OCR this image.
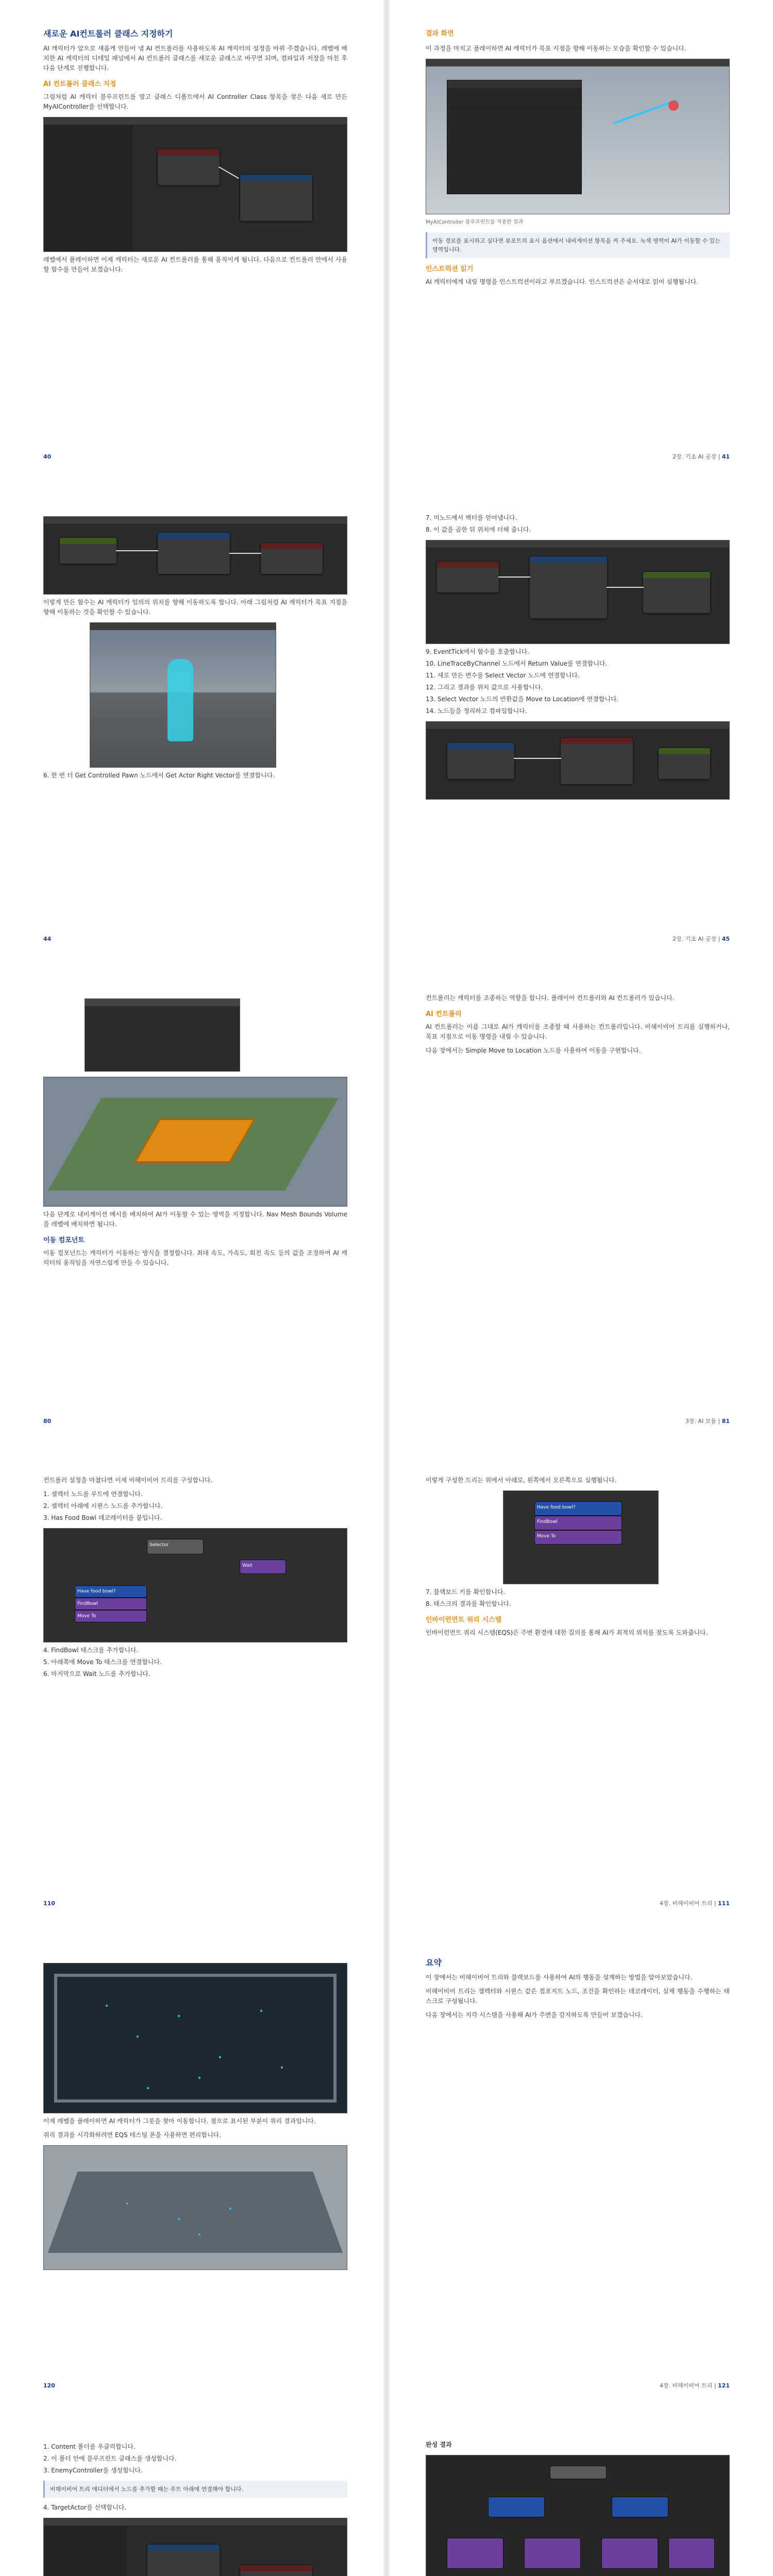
새로운 AI컨트롤러 클래스 지정하기

AI 캐릭터가 앞으로 새롭게 만들어 낼 AI 컨트롤러를 사용하도록 AI 캐릭터의 설정을 바꿔 주겠습니다. 레벨에 배치한 AI 캐릭터의 디테일 패널에서 AI 컨트롤러 클래스를 새로운 클래스로 바꾸면 되며, 컴파일과 저장을 마친 후 다음 단계로 진행합니다.

AI 컨트롤러 클래스 지정

그림처럼 AI 캐릭터 블루프린트를 열고 클래스 디폴트에서 AI Controller Class 항목을 찾은 다음 새로 만든 MyAIController를 선택합니다.

레벨에서 플레이하면 이제 캐릭터는 새로운 AI 컨트롤러를 통해 움직이게 됩니다. 다음으로 컨트롤러 안에서 사용할 함수를 만들어 보겠습니다.

40
결과 화면

이 과정을 마치고 플레이하면 AI 캐릭터가 목표 지점을 향해 이동하는 모습을 확인할 수 있습니다.

MyAIController 블루프린트를 적용한 결과
이동 경로를 표시하고 싶다면 뷰포트의 표시 옵션에서 내비게이션 항목을 켜 주세요. 녹색 영역이 AI가 이동할 수 있는 영역입니다.
인스트럭션 읽기

AI 캐릭터에게 내릴 명령을 인스트럭션이라고 부르겠습니다. 인스트럭션은 순서대로 읽어 실행됩니다.

2장. 기초 AI 공장 | 41

이렇게 만든 함수는 AI 캐릭터가 임의의 위치를 향해 이동하도록 합니다. 아래 그림처럼 AI 캐릭터가 목표 지점을 향해 이동하는 것을 확인할 수 있습니다.

6. 한 번 더 Get Controlled Pawn 노드에서 Get Actor Right Vector를 연결합니다.

44
7. 미노드에서 벡터를 얻어냅니다.
8. 이 값을 곱한 뒤 위치에 더해 줍니다.
9. EventTick에서 함수를 호출합니다.
10. LineTraceByChannel 노드에서 Return Value를 연결합니다.
11. 새로 만든 변수를 Select Vector 노드에 연결합니다.
12. 그리고 결과를 위치 값으로 사용합니다.
13. Select Vector 노드의 반환값을 Move to Location에 연결합니다.
14. 노드들을 정리하고 컴파일합니다.
2장. 기초 AI 공장 | 45

다음 단계로 내비게이션 메시를 배치하여 AI가 이동할 수 있는 영역을 지정합니다. Nav Mesh Bounds Volume을 레벨에 배치하면 됩니다.

이동 컴포넌트

이동 컴포넌트는 캐릭터가 이동하는 방식을 결정합니다. 최대 속도, 가속도, 회전 속도 등의 값을 조정하여 AI 캐릭터의 움직임을 자연스럽게 만들 수 있습니다.

80

컨트롤러는 캐릭터를 조종하는 역할을 합니다. 플레이어 컨트롤러와 AI 컨트롤러가 있습니다.

AI 컨트롤러

AI 컨트롤러는 이름 그대로 AI가 캐릭터를 조종할 때 사용하는 컨트롤러입니다. 비헤이비어 트리를 실행하거나, 목표 지점으로 이동 명령을 내릴 수 있습니다.

다음 장에서는 Simple Move to Location 노드를 사용하여 이동을 구현합니다.

3장. AI 모듈 | 81

컨트롤러 설정을 마쳤다면 이제 비헤이비어 트리를 구성합니다.

1. 셀렉터 노드를 루트에 연결합니다.
2. 셀렉터 아래에 시퀀스 노드를 추가합니다.
3. Has Food Bowl 데코레이터를 붙입니다.
Selector
Wait
Have food bowl?
FindBowl
Move To
4. FindBowl 태스크를 추가합니다.
5. 아래쪽에 Move To 태스크를 연결합니다.
6. 마지막으로 Wait 노드를 추가합니다.
110

이렇게 구성한 트리는 위에서 아래로, 왼쪽에서 오른쪽으로 실행됩니다.

Have food bowl?
FindBowl
Move To
7. 블랙보드 키를 확인합니다.
8. 태스크의 결과를 확인합니다.
인바이런먼트 쿼리 시스템

인바이런먼트 쿼리 시스템(EQS)은 주변 환경에 대한 질의를 통해 AI가 최적의 위치를 찾도록 도와줍니다.

4장. 비헤이비어 트리 | 111

이제 레벨을 플레이하면 AI 캐릭터가 그릇을 찾아 이동합니다. 점으로 표시된 부분이 쿼리 결과입니다.

쿼리 결과를 시각화하려면 EQS 테스팅 폰을 사용하면 편리합니다.

120
요약

이 장에서는 비헤이비어 트리와 블랙보드를 사용하여 AI의 행동을 설계하는 방법을 알아보았습니다.

비헤이비어 트리는 셀렉터와 시퀀스 같은 컴포지트 노드, 조건을 확인하는 데코레이터, 실제 행동을 수행하는 태스크로 구성됩니다.

다음 장에서는 지각 시스템을 사용해 AI가 주변을 감지하도록 만들어 보겠습니다.

4장. 비헤이비어 트리 | 121
1. Content 폴더를 우클릭합니다.
2. 이 폴더 안에 블루프린트 클래스를 생성합니다.
3. EnemyController를 생성합니다.
비헤이비어 트리 에디터에서 노드를 추가할 때는 루트 아래에 연결해야 합니다.
4. TargetActor를 선택합니다.

완성 결과
